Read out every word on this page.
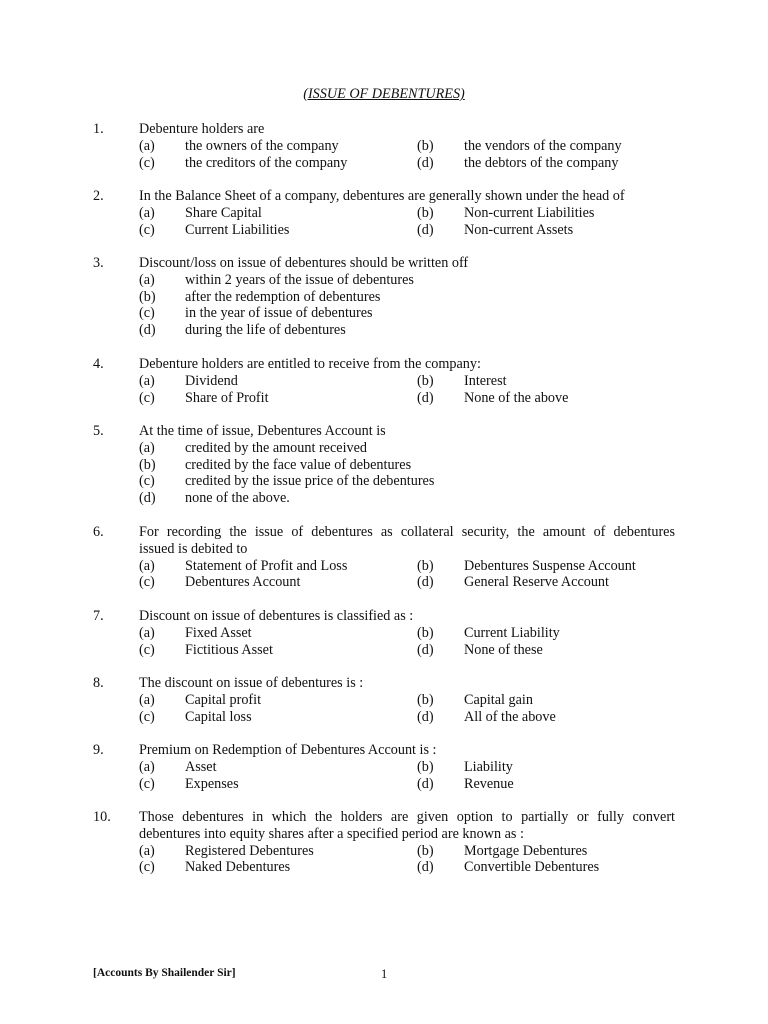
(ISSUE OF DEBENTURES)
1. Debenture holders are
(a) the owners of the company	(b) the vendors of the company
(c) the creditors of the company	(d) the debtors of the company
2. In the Balance Sheet of a company, debentures are generally shown under the head of
(a) Share Capital	(b) Non-current Liabilities
(c) Current Liabilities	(d) Non-current Assets
3. Discount/loss on issue of debentures should be written off
(a) within 2 years of the issue of debentures
(b) after the redemption of debentures
(c) in the year of issue of debentures
(d) during the life of debentures
4. Debenture holders are entitled to receive from the company:
(a) Dividend	(b) Interest
(c) Share of Profit	(d) None of the above
5. At the time of issue, Debentures Account is
(a) credited by the amount received
(b) credited by the face value of debentures
(c) credited by the issue price of the debentures
(d) none of the above.
6. For recording the issue of debentures as collateral security, the amount of debentures
issued is debited to
(a) Statement of Profit and Loss	(b) Debentures Suspense Account
(c) Debentures Account	(d) General Reserve Account
7. Discount on issue of debentures is classified as :
(a) Fixed Asset	(b) Current Liability
(c) Fictitious Asset	(d) None of these
8. The discount on issue of debentures is :
(a) Capital profit	(b) Capital gain
(c) Capital loss	(d) All of the above
9. Premium on Redemption of Debentures Account is :
(a) Asset	(b) Liability
(c) Expenses	(d) Revenue
10. Those debentures in which the holders are given option to partially or fully convert
debentures into equity shares after a specified period are known as :
(a) Registered Debentures	(b) Mortgage Debentures
(c) Naked Debentures	(d) Convertible Debentures
[Accounts By Shailender Sir]	1
